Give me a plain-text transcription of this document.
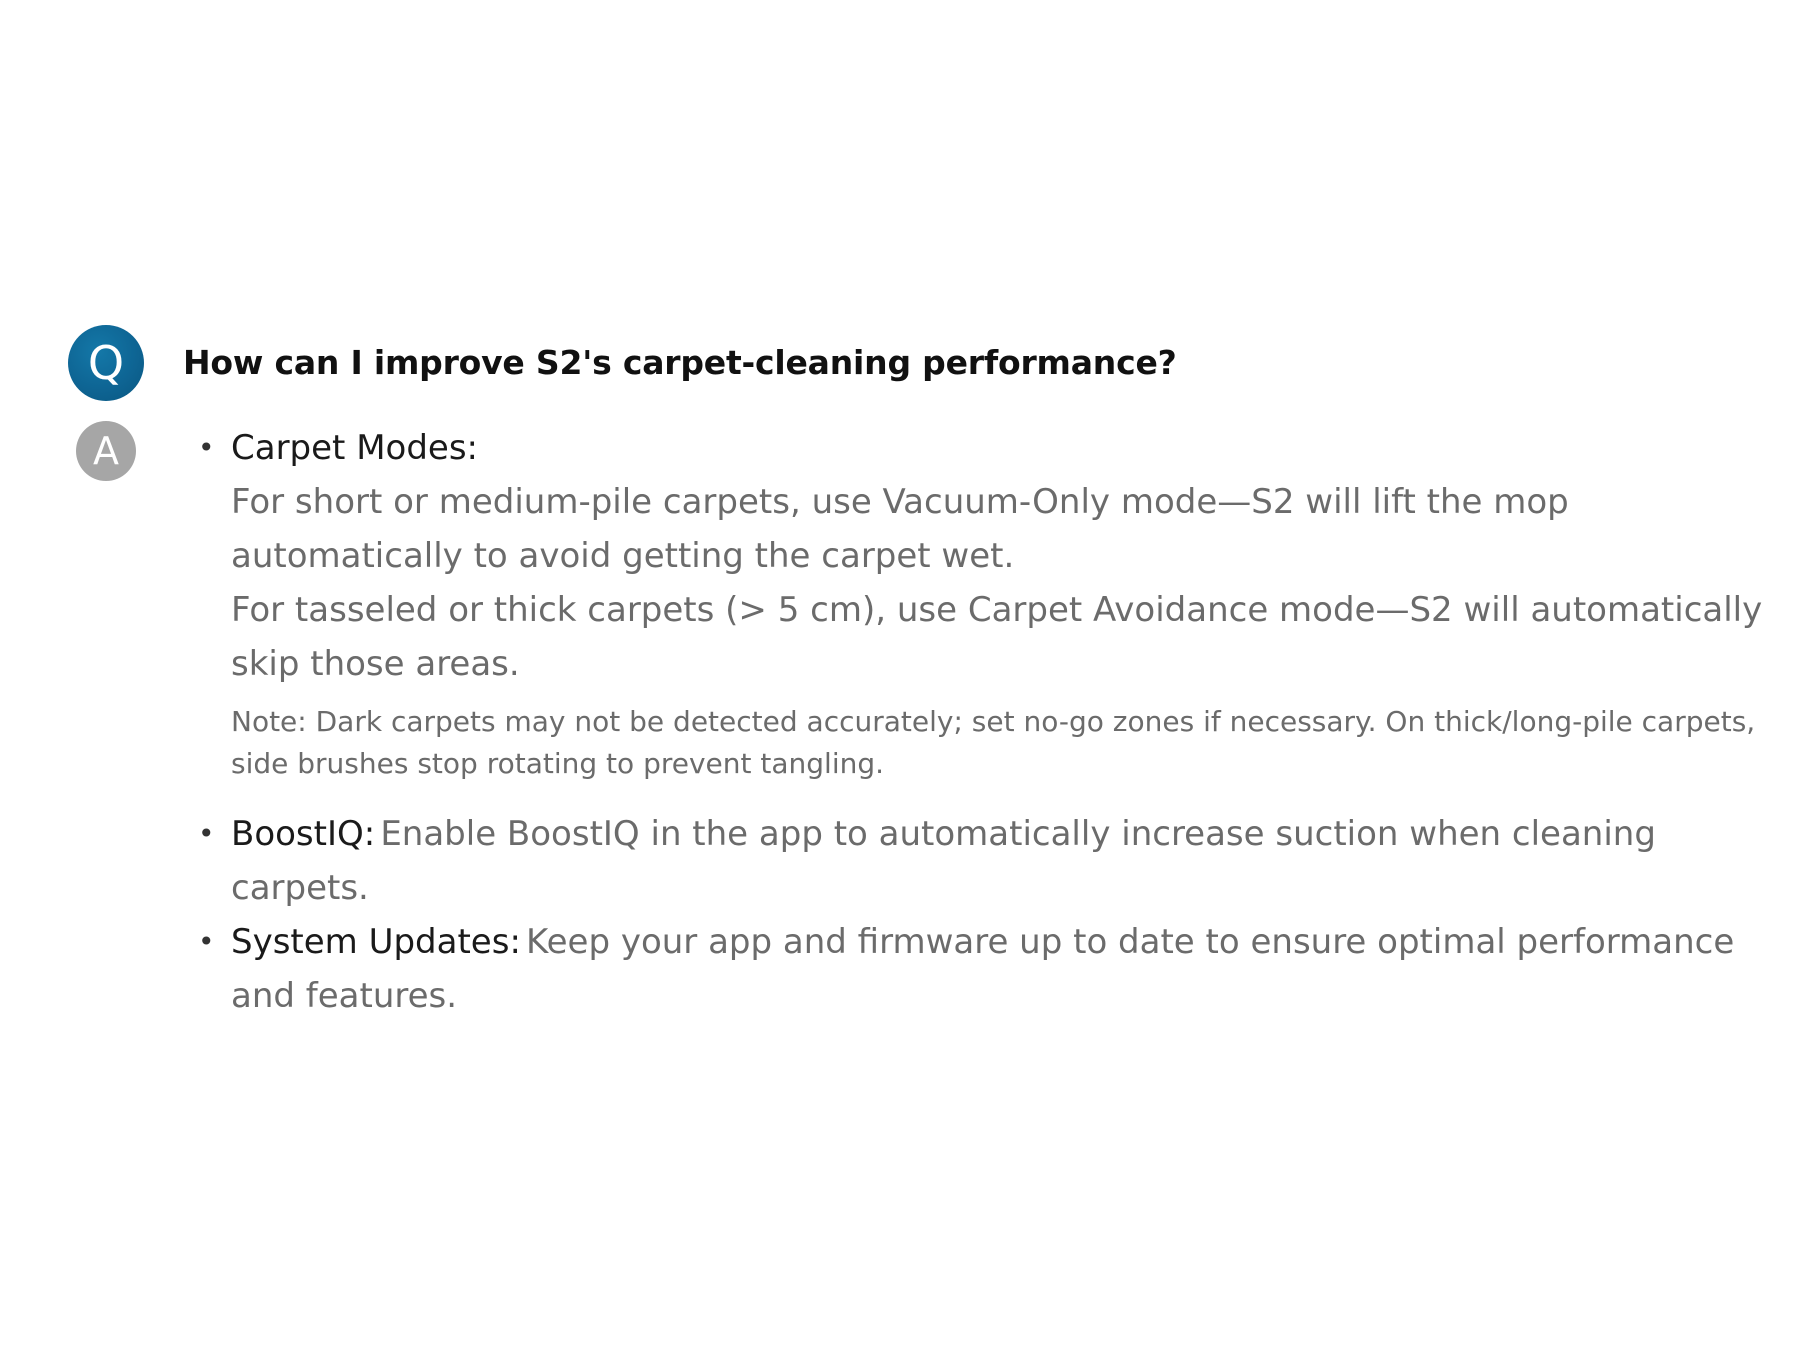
Q How can I improve S2's carpet-cleaning performance?
A	• Carpet Modes:
For short or medium-pile carpets, use Vacuum-Only mode—S2 will lift the mop automatically to avoid getting the carpet wet.
For tasseled or thick carpets (> 5 cm), use Carpet Avoidance mode—S2 will automatically skip those areas.
Note: Dark carpets may not be detected accurately; set no-go zones if necessary. On thick/long-pile carpets, side brushes stop rotating to prevent tangling.
• BoostIQ: Enable BoostIQ in the app to automatically increase suction when cleaning carpets.
• System Updates: Keep your app and firmware up to date to ensure optimal performance and features.
